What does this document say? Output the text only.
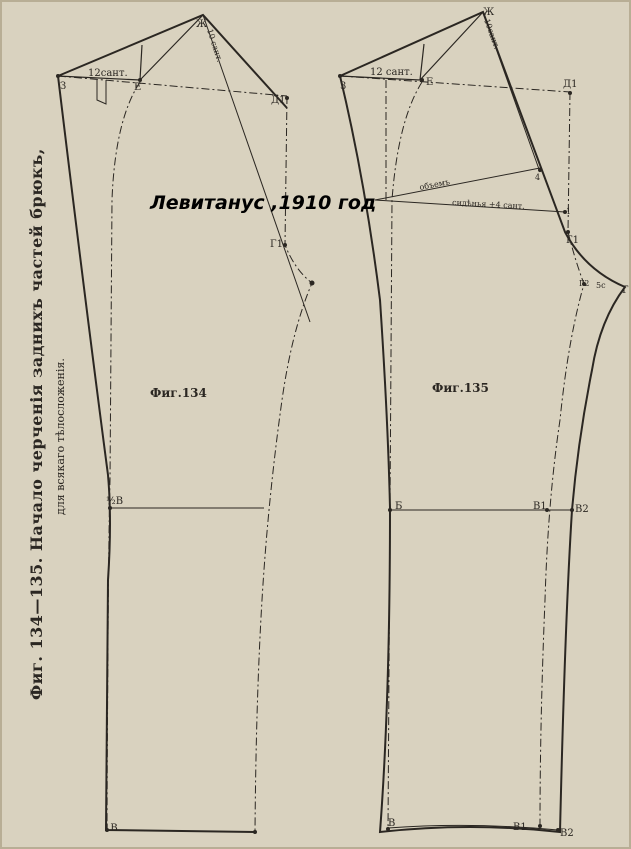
Фиг. 134—135. Начало черченія заднихъ частей брюкъ, для всякаго тѣлосложенія.
З
12сант.
Е
Ж
10 сант.
Д1
Г1
Фиг.134
½В
1В
З
12 сант.
Е
Ж
10сант.
Д1
объемъ	4
сидѣнья +4 сант.
1
Г1
Г2 5с Г
Фиг.135
Б	В1	В2
В	В1
В2
Левитанус ,1910 год
